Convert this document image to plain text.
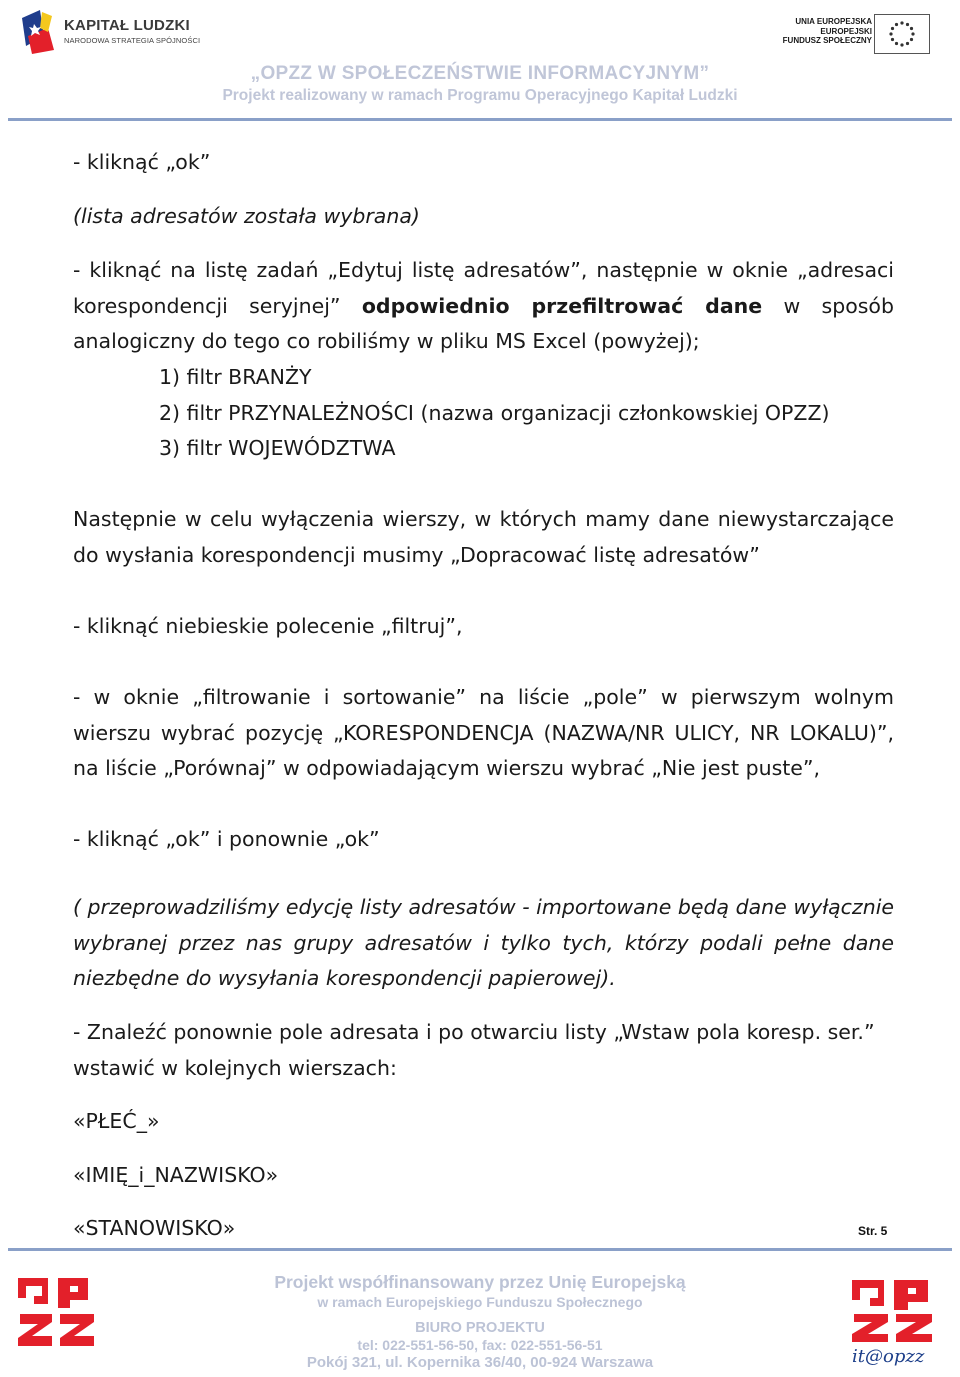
KAPITAŁ LUDZKI
NARODOWA STRATEGIA SPÓJNOŚCI
UNIA EUROPEJSKA
EUROPEJSKI
FUNDUSZ SPOŁECZNY
„OPZZ W SPOŁECZEŃSTWIE INFORMACYJNYM”
Projekt realizowany w ramach Programu Operacyjnego Kapitał Ludzki

- kliknąć „ok”

(lista adresatów została wybrana)

- kliknąć na listę zadań „Edytuj listę adresatów”, następnie w oknie „adresaci korespondencji seryjnej” odpowiednio przefiltrować dane w sposób analogiczny do tego co robiliśmy w pliku MS Excel (powyżej);

1) filtr BRANŻY
2) filtr PRZYNALEŻNOŚCI (nazwa organizacji członkowskiej OPZZ)
3) filtr WOJEWÓDZTWA

Następnie w celu wyłączenia wierszy, w których mamy dane niewystarczające do wysłania korespondencji musimy „Dopracować listę adresatów”

- kliknąć niebieskie polecenie „filtruj”,

- w oknie „filtrowanie i sortowanie” na liście „pole” w pierwszym wolnym wierszu wybrać pozycję „KORESPONDENCJA (NAZWA/NR ULICY, NR LOKALU)”, na liście „Porównaj” w odpowiadającym wierszu wybrać „Nie jest puste”,

- kliknąć „ok” i ponownie „ok”

( przeprowadziliśmy edycję listy adresatów - importowane będą dane wyłącznie wybranej przez nas grupy adresatów i tylko tych, którzy podali pełne dane niezbędne do wysyłania korespondencji papierowej).

- Znaleźć ponownie pole adresata i po otwarciu listy „Wstaw pola koresp. ser.” wstawić w kolejnych wierszach:

«PŁEĆ_»

«IMIĘ_i_NAZWISKO»

«STANOWISKO»	Str. 5
Projekt współfinansowany przez Unię Europejską
w ramach Europejskiego Funduszu Społecznego
BIURO PROJEKTU
tel: 022-551-56-50, fax: 022-551-56-51
Pokój 321, ul. Kopernika 36/40, 00-924 Warszawa	it@opzz
